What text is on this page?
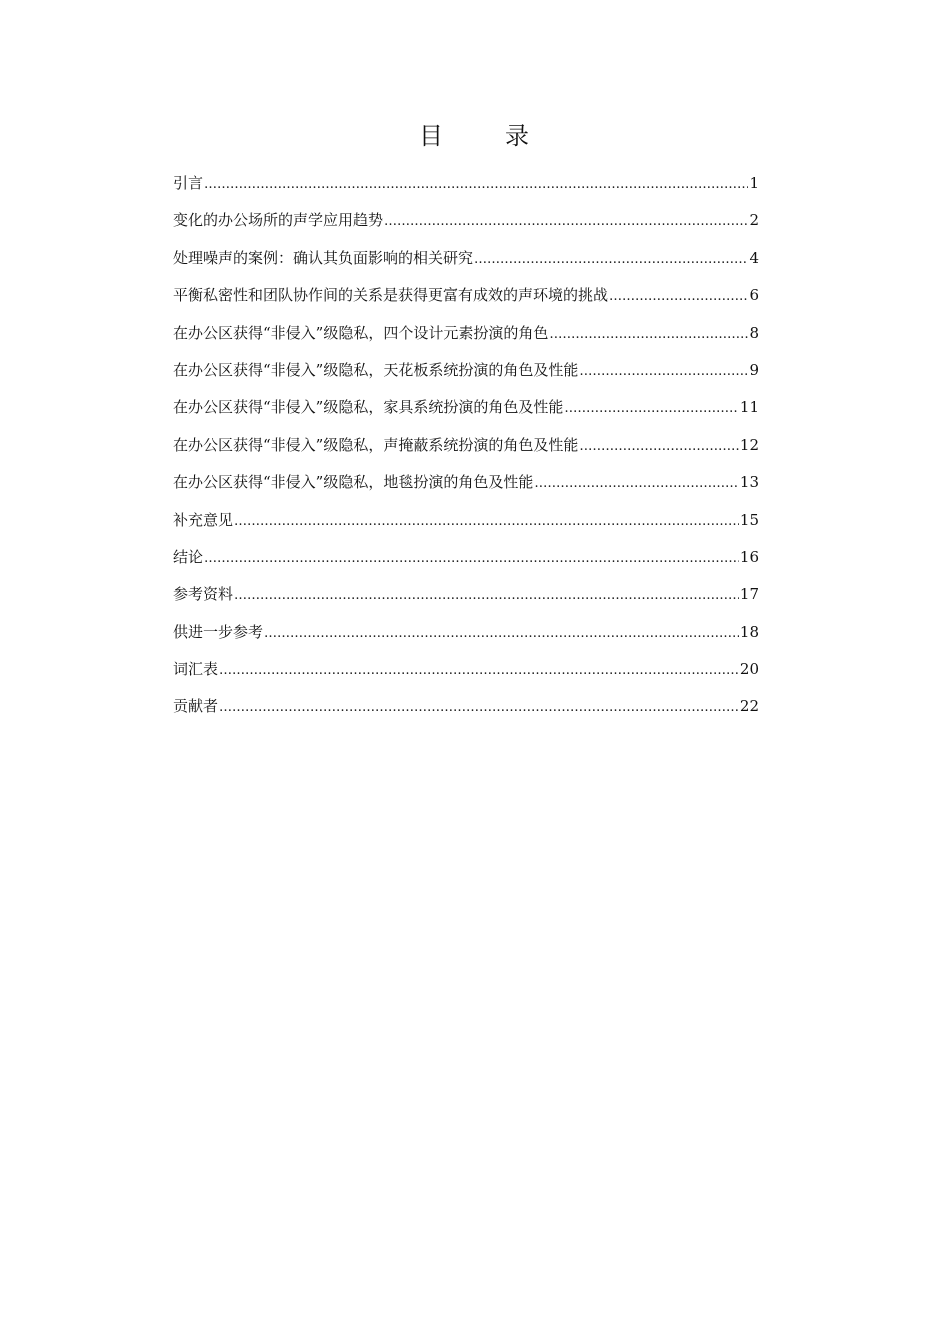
目	录
引言 ……………………………………………………………………………………………………………………………………………………………………………………………………………………………………	1
变化的办公场所的声学应用趋势 ……………………………………………………………………………………………………………………………………………………………………………………………………………………………………	2
处理噪声的案例：确认其负面影响的相关研究 ……………………………………………………………………………………………………………………………………………………………………………………………………………………………………	4
平衡私密性和团队协作间的关系是获得更富有成效的声环境的挑战 ……………………………………………………………………………………………………………………………………………………………………………………………………………………………………	6
在办公区获得“非侵入”级隐私，四个设计元素扮演的角色 ……………………………………………………………………………………………………………………………………………………………………………………………………………………………………	8
在办公区获得“非侵入”级隐私，天花板系统扮演的角色及性能 ……………………………………………………………………………………………………………………………………………………………………………………………………………………………………	9
在办公区获得“非侵入”级隐私，家具系统扮演的角色及性能 ……………………………………………………………………………………………………………………………………………………………………………………………………………………………………	11
在办公区获得“非侵入”级隐私，声掩蔽系统扮演的角色及性能 ……………………………………………………………………………………………………………………………………………………………………………………………………………………………………	12
在办公区获得“非侵入”级隐私，地毯扮演的角色及性能 ……………………………………………………………………………………………………………………………………………………………………………………………………………………………………	13
补充意见 ……………………………………………………………………………………………………………………………………………………………………………………………………………………………………	15
结论 ……………………………………………………………………………………………………………………………………………………………………………………………………………………………………	16
参考资料 ……………………………………………………………………………………………………………………………………………………………………………………………………………………………………	17
供进一步参考 ……………………………………………………………………………………………………………………………………………………………………………………………………………………………………	18
词汇表 ……………………………………………………………………………………………………………………………………………………………………………………………………………………………………	20
贡献者 ……………………………………………………………………………………………………………………………………………………………………………………………………………………………………	22
